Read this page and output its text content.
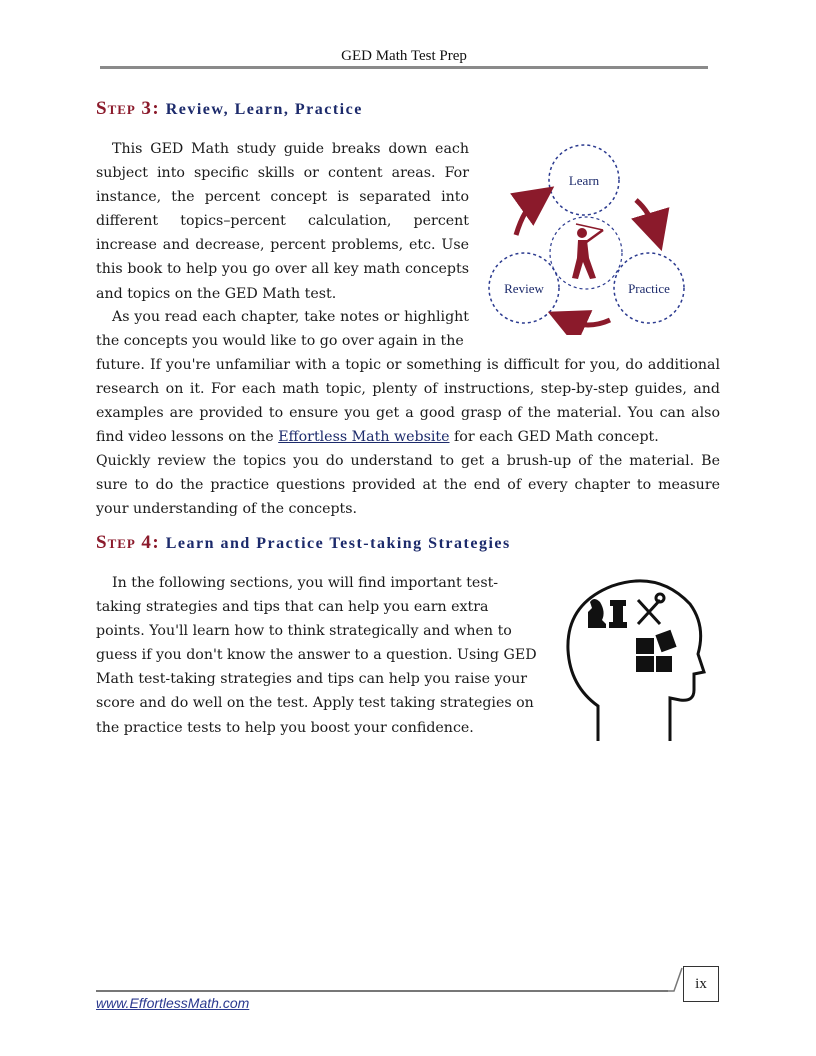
GED Math Test Prep
Step 3: Review, Learn, Practice

This GED Math study guide breaks down each subject into specific skills or content areas. For instance, the percent concept is separated into different topics–percent calculation, percent increase and decrease, percent problems, etc. Use this book to help you go over all key math concepts and topics on the GED Math test.

As you read each chapter, take notes or highlight the concepts you would like to go over again in the

future. If you're unfamiliar with a topic or something is difficult for you, do additional research on it. For each math topic, plenty of instructions, step-by-step guides, and examples are provided to ensure you get a good grasp of the material. You can also find video lessons on the Effortless Math website for each GED Math concept.

Quickly review the topics you do understand to get a brush-up of the material. Be sure to do the practice questions provided at the end of every chapter to measure your understanding of the concepts.

Learn
Review	Practice
Step 4: Learn and Practice Test-taking Strategies

In the following sections, you will find important test-taking strategies and tips that can help you earn extra points. You'll learn how to think strategically and when to guess if you don't know the answer to a question. Using GED Math test-taking strategies and tips can help you raise your score and do well on the test. Apply test taking strategies on the practice tests to help you boost your confidence.

ix
www.EffortlessMath.com
